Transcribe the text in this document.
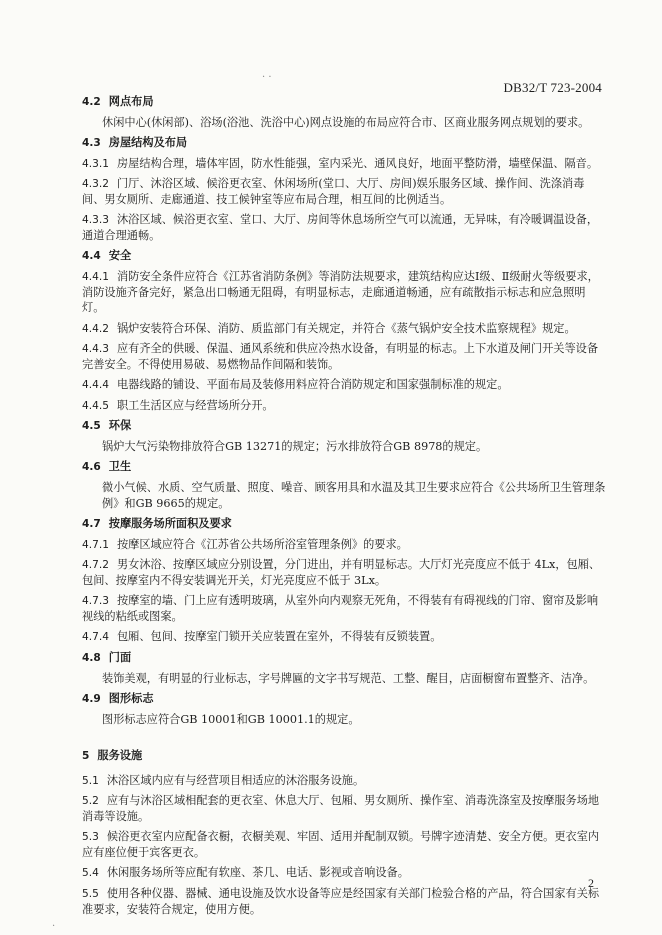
· ·
DB32/T 723-2004

4.2 网点布局

休闲中心(休闲部)、浴场(浴池、洗浴中心)网点设施的布局应符合市、区商业服务网点规划的要求。

4.3 房屋结构及布局

4.3.1 房屋结构合理，墙体牢固，防水性能强，室内采光、通风良好，地面平整防滑，墙壁保温、隔音。

4.3.2 门厅、沐浴区域、候浴更衣室、休闲场所(堂口、大厅、房间)娱乐服务区域、操作间、洗涤消毒间、男女厕所、走廊通道、技工候钟室等应布局合理，相互间的比例适当。

4.3.3 沐浴区域、候浴更衣室、堂口、大厅、房间等休息场所空气可以流通，无异味，有冷暖调温设备，通道合理通畅。

4.4 安全

4.4.1 消防安全条件应符合《江苏省消防条例》等消防法规要求，建筑结构应达Ⅰ级、Ⅱ级耐火等级要求，消防设施齐备完好，紧急出口畅通无阻碍，有明显标志，走廊通道畅通，应有疏散指示标志和应急照明灯。

4.4.2 锅炉安装符合环保、消防、质监部门有关规定，并符合《蒸气锅炉安全技术监察规程》规定。

4.4.3 应有齐全的供暖、保温、通风系统和供应冷热水设备，有明显的标志。上下水道及闸门开关等设备完善安全。不得使用易破、易燃物品作间隔和装饰。

4.4.4 电器线路的铺设、平面布局及装修用料应符合消防规定和国家强制标准的规定。

4.4.5 职工生活区应与经营场所分开。

4.5 环保

锅炉大气污染物排放符合GB 13271的规定；污水排放符合GB 8978的规定。

4.6 卫生

微小气候、水质、空气质量、照度、噪音、顾客用具和水温及其卫生要求应符合《公共场所卫生管理条例》和GB 9665的规定。

4.7 按摩服务场所面积及要求

4.7.1 按摩区域应符合《江苏省公共场所浴室管理条例》的要求。

4.7.2 男女沐浴、按摩区域应分别设置，分门进出，并有明显标志。大厅灯光亮度应不低于 4Lx，包厢、包间、按摩室内不得安装调光开关，灯光亮度应不低于 3Lx。

4.7.3 按摩室的墙、门上应有透明玻璃，从室外向内观察无死角，不得装有有碍视线的门帘、窗帘及影响视线的粘纸或图案。

4.7.4 包厢、包间、按摩室门锁开关应装置在室外，不得装有反锁装置。

4.8 门面

装饰美观，有明显的行业标志，字号牌匾的文字书写规范、工整、醒目，店面橱窗布置整齐、洁净。

4.9 图形标志

图形标志应符合GB 10001和GB 10001.1的规定。

5 服务设施

5.1 沐浴区域内应有与经营项目相适应的沐浴服务设施。

5.2 应有与沐浴区域相配套的更衣室、休息大厅、包厢、男女厕所、操作室、消毒洗涤室及按摩服务场地消毒等设施。

5.3 候浴更衣室内应配备衣橱，衣橱美观、牢固、适用并配制双锁。号牌字迹清楚、安全方便。更衣室内应有座位便于宾客更衣。

5.4 休闲服务场所等应配有软座、茶几、电话、影视或音响设备。

5.5 使用各种仪器、器械、通电设施及饮水设备等应是经国家有关部门检验合格的产品，符合国家有关标准要求，安装符合规定，使用方便。

2
.
